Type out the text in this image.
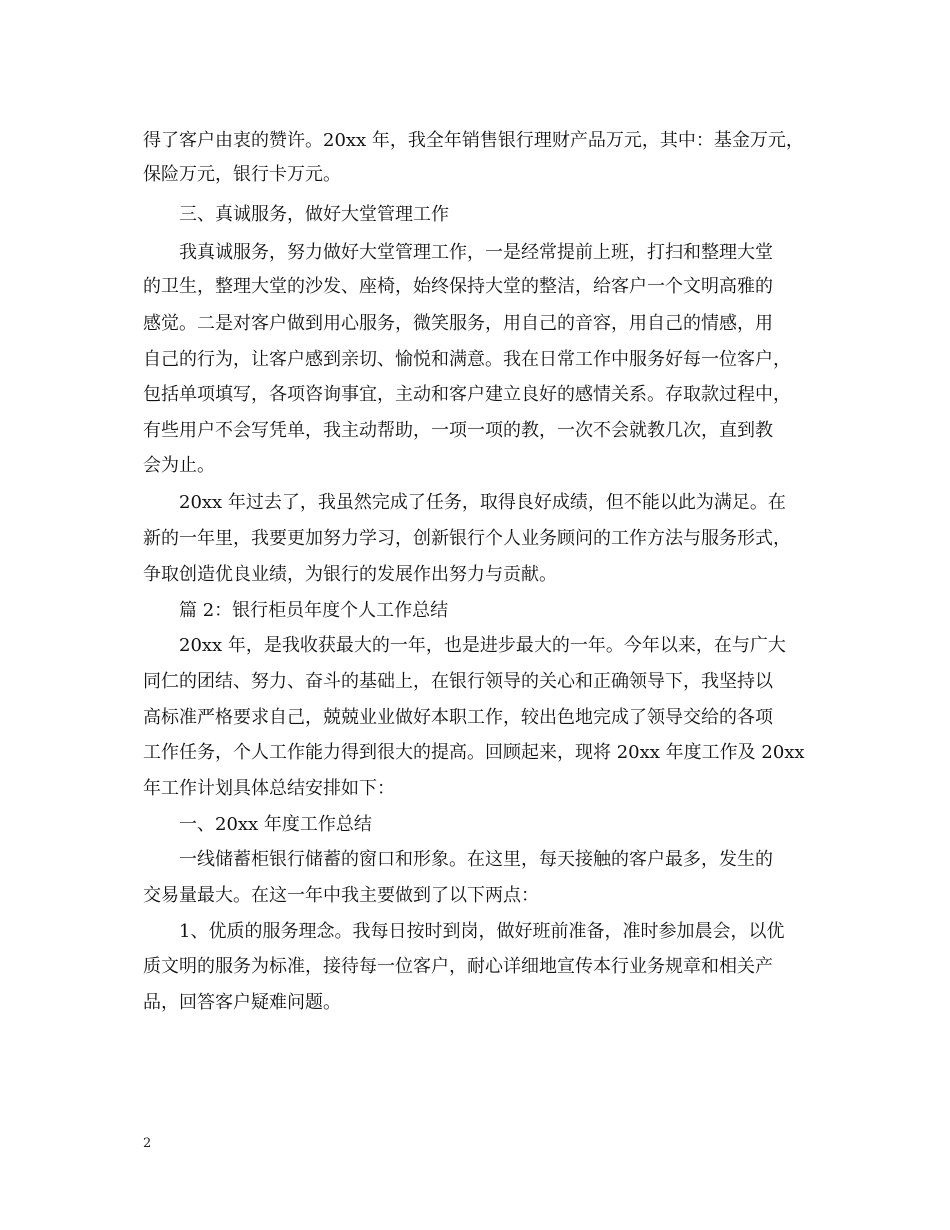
得了客户由衷的赞许。20xx 年，我全年销售银行理财产品万元，其中：基金万元，
保险万元，银行卡万元。
三、真诚服务，做好大堂管理工作
我真诚服务，努力做好大堂管理工作，一是经常提前上班，打扫和整理大堂
的卫生，整理大堂的沙发、座椅，始终保持大堂的整洁，给客户一个文明高雅的
感觉。二是对客户做到用心服务，微笑服务，用自己的音容，用自己的情感，用
自己的行为，让客户感到亲切、愉悦和满意。我在日常工作中服务好每一位客户，
包括单项填写，各项咨询事宜，主动和客户建立良好的感情关系。存取款过程中，
有些用户不会写凭单，我主动帮助，一项一项的教，一次不会就教几次，直到教
会为止。
20xx 年过去了，我虽然完成了任务，取得良好成绩，但不能以此为满足。在
新的一年里，我要更加努力学习，创新银行个人业务顾问的工作方法与服务形式，
争取创造优良业绩，为银行的发展作出努力与贡献。
篇 2：银行柜员年度个人工作总结
20xx 年，是我收获最大的一年，也是进步最大的一年。今年以来，在与广大
同仁的团结、努力、奋斗的基础上，在银行领导的关心和正确领导下，我坚持以
高标准严格要求自己，兢兢业业做好本职工作，较出色地完成了领导交给的各项
工作任务，个人工作能力得到很大的提高。回顾起来，现将 20xx 年度工作及 20xx
年工作计划具体总结安排如下：
一、20xx 年度工作总结
一线储蓄柜银行储蓄的窗口和形象。在这里，每天接触的客户最多，发生的
交易量最大。在这一年中我主要做到了以下两点：
1、优质的服务理念。我每日按时到岗，做好班前准备，准时参加晨会，以优
质文明的服务为标准，接待每一位客户，耐心详细地宣传本行业务规章和相关产
品，回答客户疑难问题。
2
